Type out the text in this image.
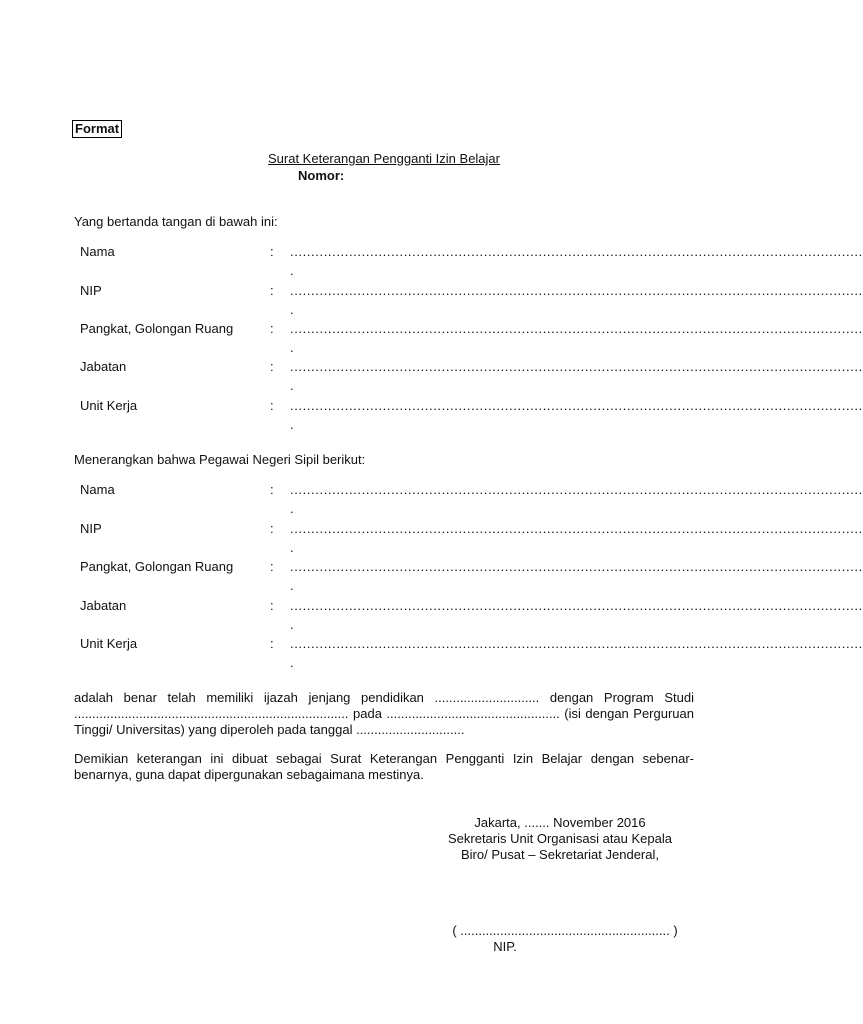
Format
Surat Keterangan Pengganti Izin Belajar
Nomor:
Yang bertanda tangan di bawah ini:
Nama	: ........................................................................................................................................
.
NIP	: ........................................................................................................................................
.
Pangkat, Golongan Ruang	: ........................................................................................................................................
.
Jabatan	: ........................................................................................................................................
.
Unit Kerja	: ........................................................................................................................................
.
Menerangkan bahwa Pegawai Negeri Sipil berikut:
Nama	: ........................................................................................................................................
.
NIP	: ........................................................................................................................................
.
Pangkat, Golongan Ruang	: ........................................................................................................................................
.
Jabatan	: ........................................................................................................................................
.
Unit Kerja	: ........................................................................................................................................
.
adalah benar telah memiliki ijazah jenjang pendidikan ............................. dengan Program Studi ............................................................................ pada ................................................ (isi dengan Perguruan Tinggi/ Universitas) yang diperoleh pada tanggal ..............................
Demikian keterangan ini dibuat sebagai Surat Keterangan Pengganti Izin Belajar dengan sebenar-benarnya, guna dapat dipergunakan sebagaimana mestinya.
Jakarta, ....... November 2016
Sekretaris Unit Organisasi atau Kepala
Biro/ Pusat – Sekretariat Jenderal,
( .......................................................... )
NIP.
